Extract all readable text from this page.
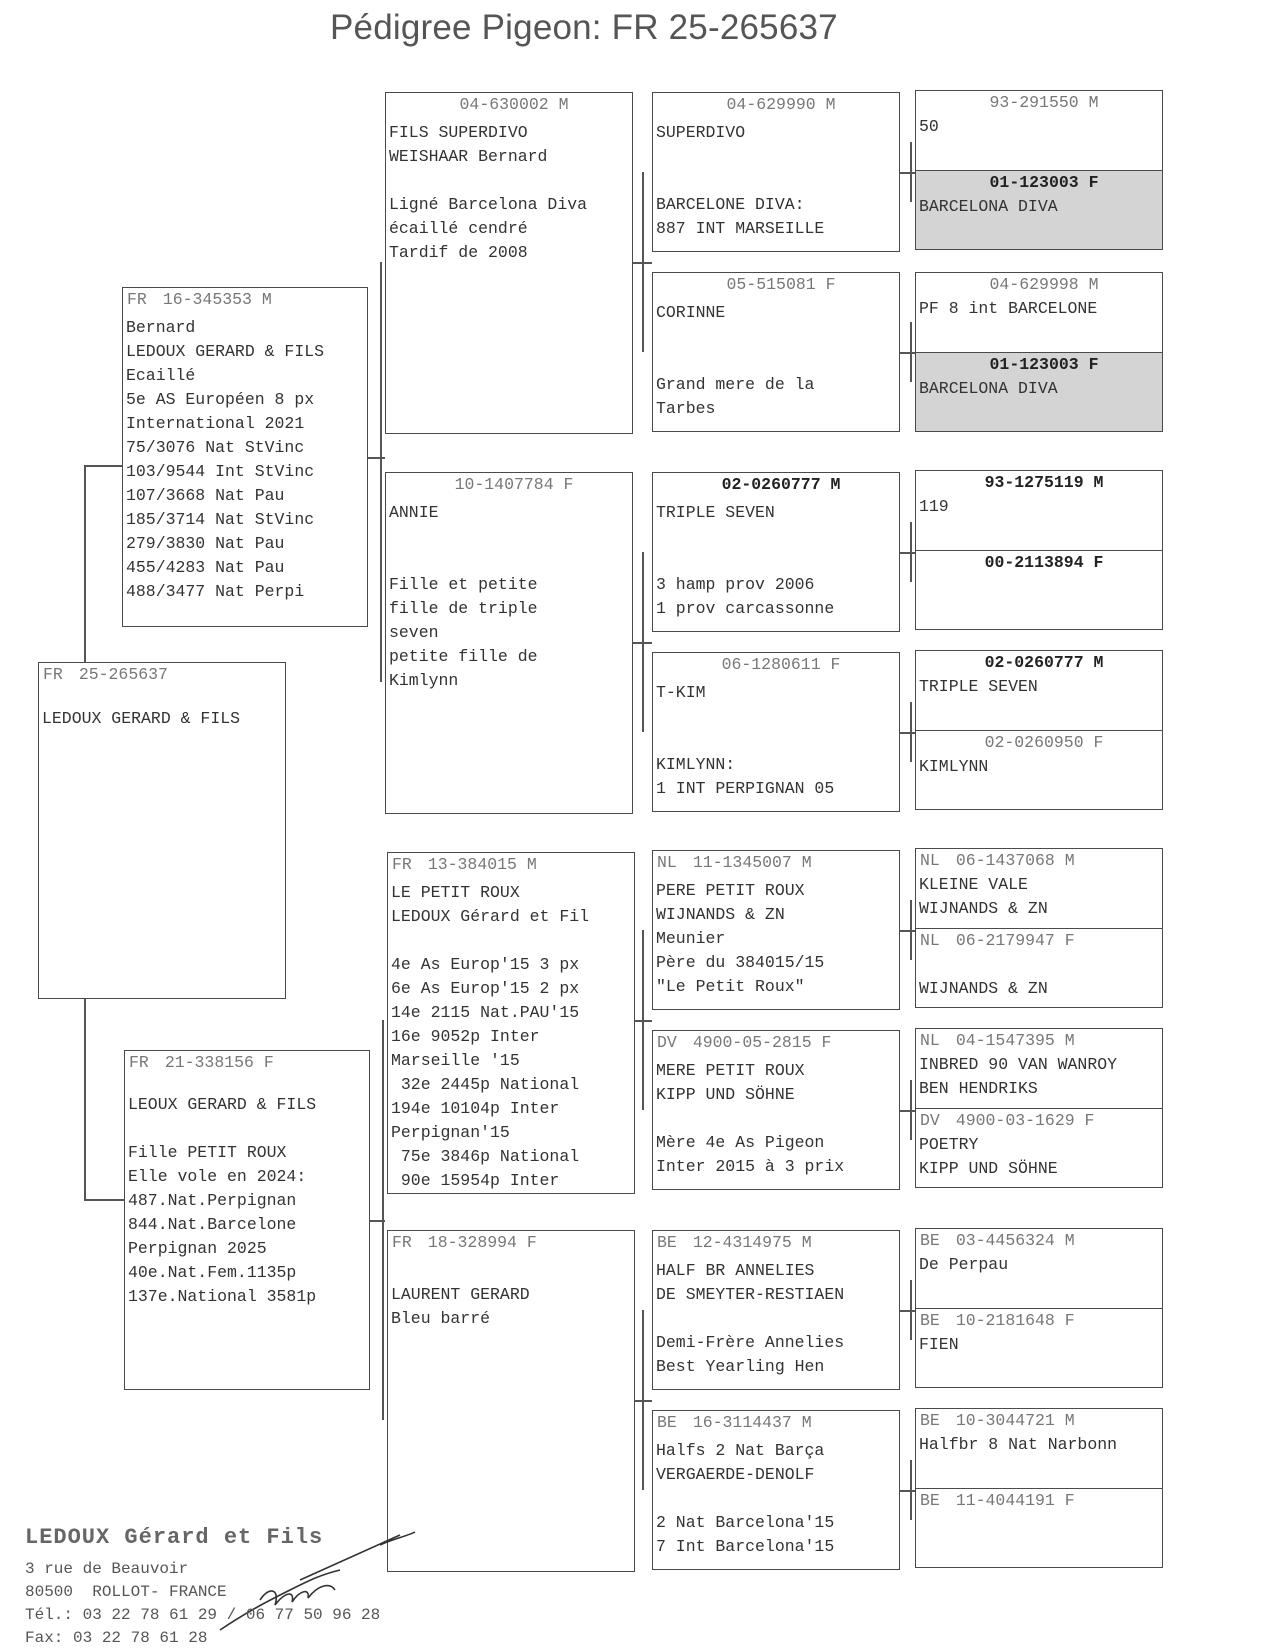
Pédigree Pigeon: FR 25-265637
FR 25-265637
LEDOUX GERARD & FILS
FR 16-345353 M
Bernard
LEDOUX GERARD & FILS
Ecaillé
5e AS Européen 8 px
International 2021
75/3076 Nat StVinc
103/9544 Int StVinc
107/3668 Nat Pau
185/3714 Nat StVinc
279/3830 Nat Pau
455/4283 Nat Pau
488/3477 Nat Perpi
FR 21-338156 F
LEOUX GERARD & FILS
Fille PETIT ROUX
Elle vole en 2024:
487.Nat.Perpignan
844.Nat.Barcelone
Perpignan 2025
40e.Nat.Fem.1135p
137e.National 3581p
04-630002 M
FILS SUPERDIVO
WEISHAAR Bernard
Ligné Barcelona Diva
écaillé cendré
Tardif de 2008
10-1407784 F
ANNIE
Fille et petite
fille de triple
seven
petite fille de
Kimlynn
FR 13-384015 M
LE PETIT ROUX
LEDOUX Gérard et Fil
4e As Europ'15 3 px
6e As Europ'15 2 px
14e 2115 Nat.PAU'15
16e 9052p Inter
Marseille '15
32e 2445p National
194e 10104p Inter
Perpignan'15
75e 3846p National
90e 15954p Inter
FR 18-328994 F
LAURENT GERARD
Bleu barré
04-629990 M
SUPERDIVO
BARCELONE DIVA:
887 INT MARSEILLE
05-515081 F
CORINNE
Grand mere de la
Tarbes
02-0260777 M
TRIPLE SEVEN
3 hamp prov 2006
1 prov carcassonne
06-1280611 F
T-KIM
KIMLYNN:
1 INT PERPIGNAN 05
NL 11-1345007 M
PERE PETIT ROUX
WIJNANDS & ZN
Meunier
Père du 384015/15
"Le Petit Roux"
DV 4900-05-2815 F
MERE PETIT ROUX
KIPP UND SÖHNE
Mère 4e As Pigeon
Inter 2015 à 3 prix
BE 12-4314975 M
HALF BR ANNELIES
DE SMEYTER-RESTIAEN
Demi-Frère Annelies
Best Yearling Hen
BE 16-3114437 M
Halfs 2 Nat Barça
VERGAERDE-DENOLF
2 Nat Barcelona'15
7 Int Barcelona'15
93-291550 M
50
01-123003 F
BARCELONA DIVA
04-629998 M
PF 8 int BARCELONE
01-123003 F
BARCELONA DIVA
93-1275119 M
119
00-2113894 F
02-0260777 M
TRIPLE SEVEN
02-0260950 F
KIMLYNN
NL 06-1437068 M
KLEINE VALE
WIJNANDS & ZN
NL 06-2179947 F
WIJNANDS & ZN
NL 04-1547395 M
INBRED 90 VAN WANROY
BEN HENDRIKS
DV 4900-03-1629 F
POETRY
KIPP UND SÖHNE
BE 03-4456324 M
De Perpau
BE 10-2181648 F
FIEN
BE 10-3044721 M
Halfbr 8 Nat Narbonn
BE 11-4044191 F
LEDOUX Gérard et Fils
3 rue de Beauvoir
80500  ROLLOT- FRANCE
Tél.: 03 22 78 61 29 / 06 77 50 96 28
Fax: 03 22 78 61 28
